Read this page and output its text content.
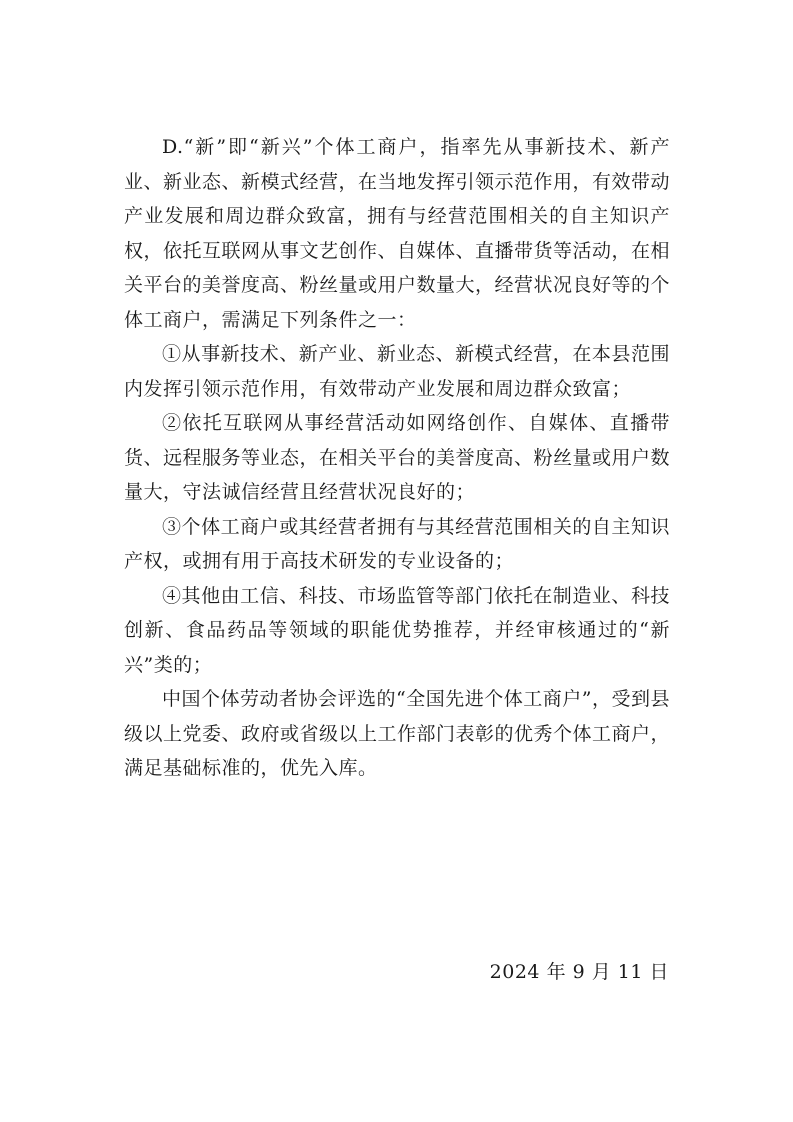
D.“新”即“新兴”个体工商户，指率先从事新技术、新产业、新业态、新模式经营，在当地发挥引领示范作用，有效带动产业发展和周边群众致富，拥有与经营范围相关的自主知识产权，依托互联网从事文艺创作、自媒体、直播带货等活动，在相关平台的美誉度高、粉丝量或用户数量大，经营状况良好等的个体工商户，需满足下列条件之一：

①从事新技术、新产业、新业态、新模式经营，在本县范围内发挥引领示范作用，有效带动产业发展和周边群众致富；

②依托互联网从事经营活动如网络创作、自媒体、直播带货、远程服务等业态，在相关平台的美誉度高、粉丝量或用户数量大，守法诚信经营且经营状况良好的；

③个体工商户或其经营者拥有与其经营范围相关的自主知识产权，或拥有用于高技术研发的专业设备的；

④其他由工信、科技、市场监管等部门依托在制造业、科技创新、食品药品等领域的职能优势推荐，并经审核通过的“新兴”类的；

中国个体劳动者协会评选的“全国先进个体工商户”，受到县级以上党委、政府或省级以上工作部门表彰的优秀个体工商户，满足基础标准的，优先入库。

2024 年 9 月 11 日
